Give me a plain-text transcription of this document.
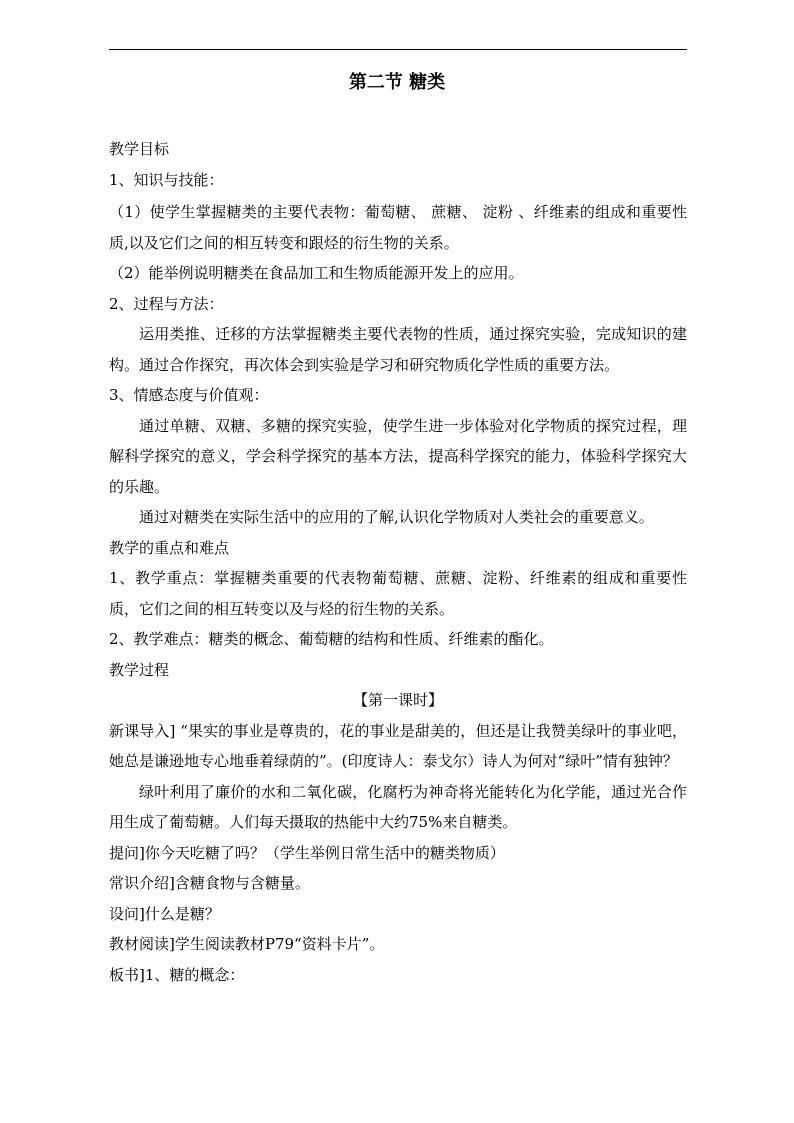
第二节 糖类

教学目标

1、知识与技能：

（1）使学生掌握糖类的主要代表物：葡萄糖、 蔗糖、 淀粉 、纤维素的组成和重要性质,以及它们之间的相互转变和跟烃的衍生物的关系。

（2）能举例说明糖类在食品加工和生物质能源开发上的应用。

2、过程与方法：

运用类推、迁移的方法掌握糖类主要代表物的性质，通过探究实验，完成知识的建构。通过合作探究，再次体会到实验是学习和研究物质化学性质的重要方法。

3、情感态度与价值观：

通过单糖、双糖、多糖的探究实验，使学生进一步体验对化学物质的探究过程，理解科学探究的意义，学会科学探究的基本方法，提高科学探究的能力，体验科学探究大的乐趣。

通过对糖类在实际生活中的应用的了解,认识化学物质对人类社会的重要意义。

教学的重点和难点

1、教学重点：掌握糖类重要的代表物葡萄糖、蔗糖、淀粉、纤维素的组成和重要性质，它们之间的相互转变以及与烃的衍生物的关系。

2、教学难点：糖类的概念、葡萄糖的结构和性质、纤维素的酯化。

教学过程

【第一课时】

新课导入] “果实的事业是尊贵的，花的事业是甜美的，但还是让我赞美绿叶的事业吧，她总是谦逊地专心地垂着绿荫的”。(印度诗人：泰戈尔）诗人为何对“绿叶”情有独钟？

绿叶利用了廉价的水和二氧化碳，化腐朽为神奇将光能转化为化学能，通过光合作用生成了葡萄糖。人们每天摄取的热能中大约75%来自糖类。

提问]你今天吃糖了吗？（学生举例日常生活中的糖类物质）

常识介绍]含糖食物与含糖量。

设问]什么是糖？

教材阅读]学生阅读教材P79“资料卡片”。

板书]1、糖的概念：
